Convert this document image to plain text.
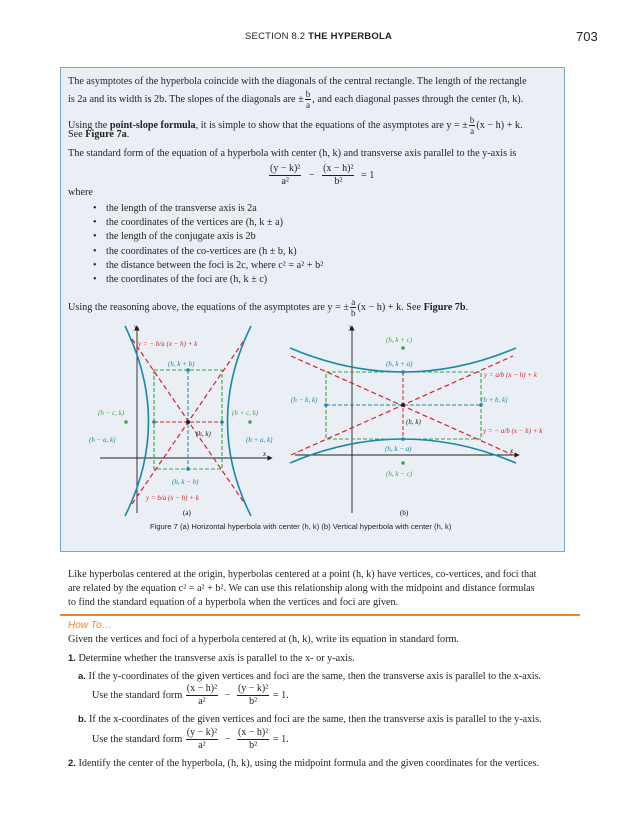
SECTION 8.2 THE HYPERBOLA	703
The asymptotes of the hyperbola coincide with the diagonals of the central rectangle. The length of the rectangle
is 2a and its width is 2b. The slopes of the diagonals are ± $\frac{b}{a}$ , and each diagonal passes through the center (h, k).
Using the point-slope formula, it is simple to show that the equations of the asymptotes are y = ± $\frac{b}{a} (x - h) + k$.
See Figure 7a.
The standard form of the equation of a hyperbola with center (h, k) and transverse axis parallel to the y-axis is
$\frac{\text{(y − k)²}}{\text{a²}} - \frac{\text{(x − h)²}}{\text{b²}} = 1$
where
• the length of the transverse axis is 2a
• the coordinates of the vertices are (h, k ± a)
• the length of the conjugate axis is 2b
• the coordinates of the co-vertices are (h ± b, k)
• the distance between the foci is 2c, where c² = a² + b²
• the coordinates of the foci are (h, k ± c)
Using the reasoning above, the equations of the asymptotes are y = ± $\frac{a}{b} (x - h) + k$. See Figure 7b.
y
x
y = − b/a (x − h) + k
(h, k + b)
(h − c, k)	(h + c, k)
(h − a, k)	(h + a, k)
(h, k)
(h, k − b)
y = b/a (x − h) + k
(a)
y
x
(h, k + c)
(h, k + a)
y = a/b (x − h) + k
(h − b, k)	(h + b, k)
(h, k)
y = − a/b (x − h) + k
(h, k − a)
(h, k − c)
(b)
Figure 7 (a) Horizontal hyperbola with center (h, k) (b) Vertical hyperbola with center (h, k)
Like hyperbolas centered at the origin, hyperbolas centered at a point (h, k) have vertices, co-vertices, and foci that
are related by the equation c² = a² + b². We can use this relationship along with the midpoint and distance formulas
to find the standard equation of a hyperbola when the vertices and foci are given.
How To…
Given the vertices and foci of a hyperbola centered at (h, k), write its equation in standard form.
1. Determine whether the transverse axis is parallel to the x- or y-axis.
a. If the y-coordinates of the given vertices and foci are the same, then the transverse axis is parallel to the x-axis.
Use the standard form $\frac{\text{(x − h)²}}{\text{a²}} - \frac{\text{(y − k)²}}{\text{b²}} = 1$.
b. If the x-coordinates of the given vertices and foci are the same, then the transverse axis is parallel to the y-axis.
Use the standard form $\frac{\text{(y − k)²}}{\text{a²}} - \frac{\text{(x − h)²}}{\text{b²}} = 1$.
2. Identify the center of the hyperbola, (h, k), using the midpoint formula and the given coordinates for the vertices.
